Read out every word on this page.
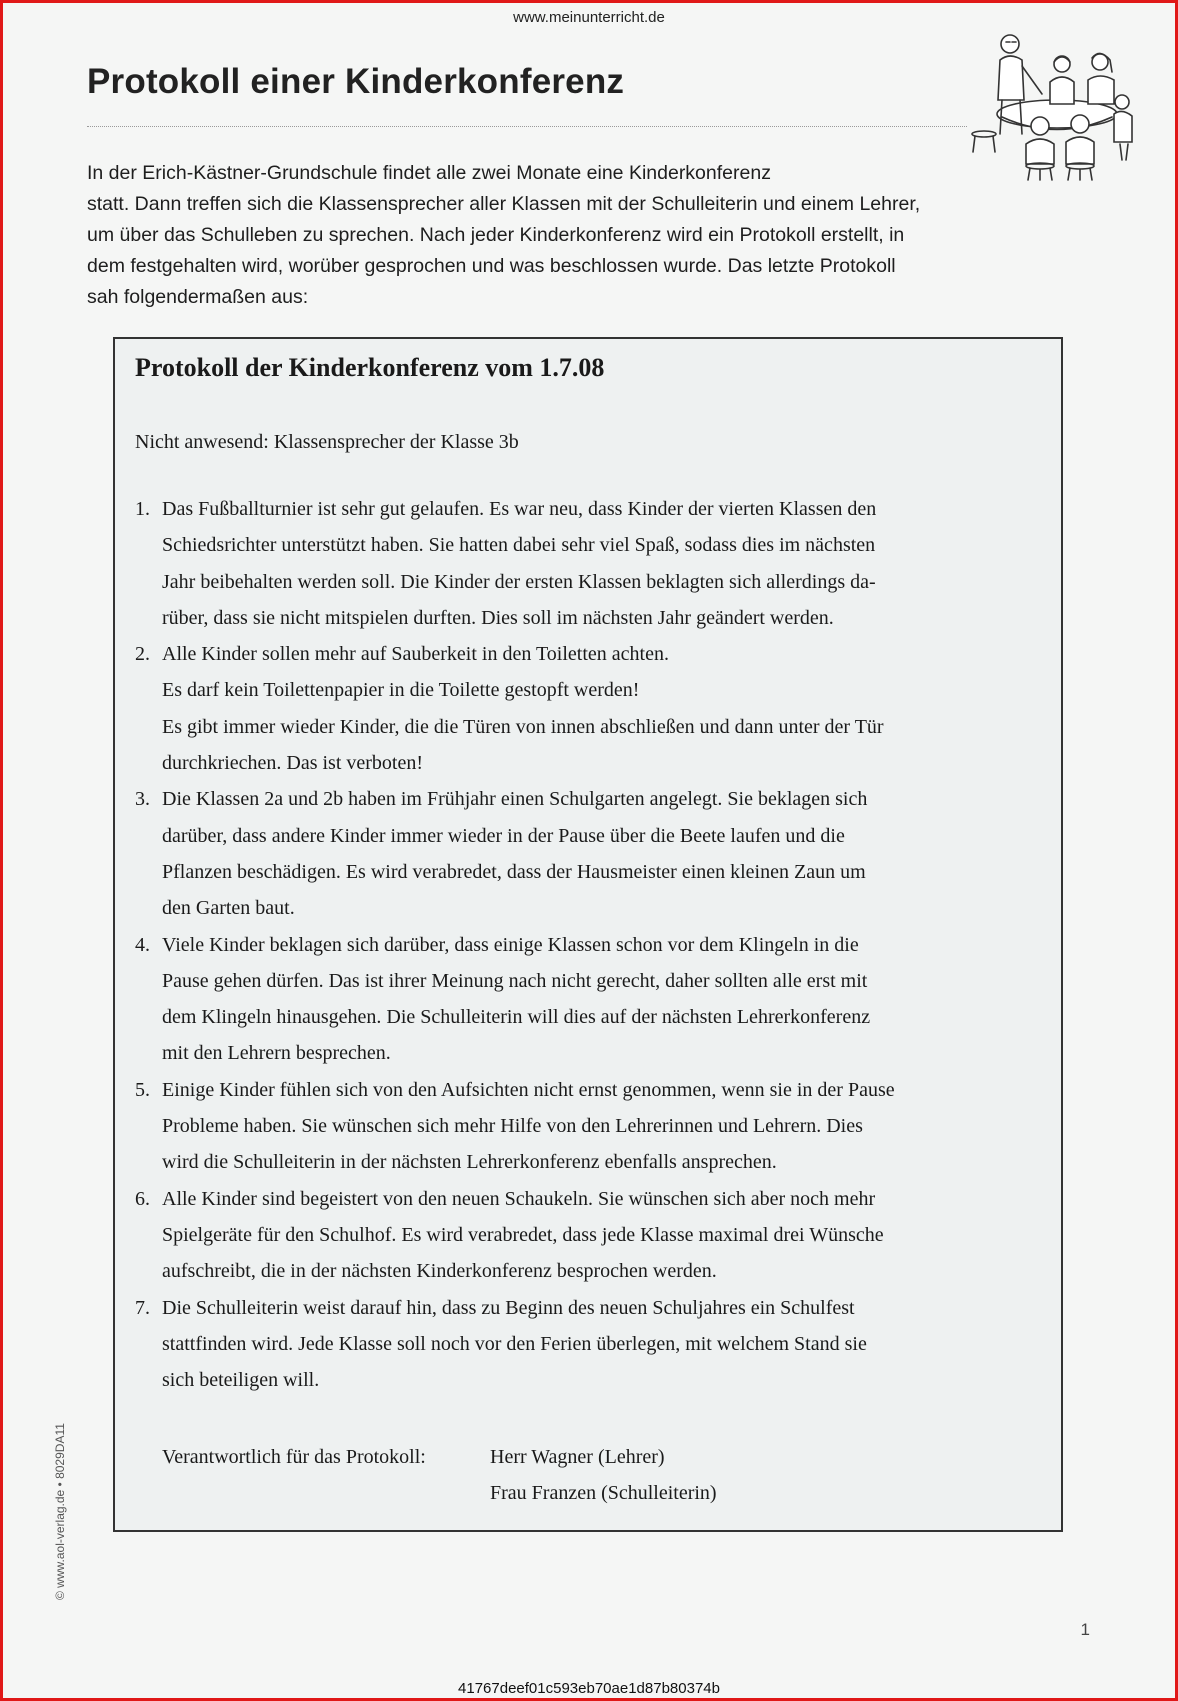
www.meinunterricht.de
Protokoll einer Kinderkonferenz

In der Erich-Kästner-Grundschule findet alle zwei Monate eine Kinderkonferenz

statt. Dann treffen sich die Klassensprecher aller Klassen mit der Schulleiterin und einem Lehrer,

um über das Schulleben zu sprechen. Nach jeder Kinderkonferenz wird ein Protokoll erstellt, in

dem festgehalten wird, worüber gesprochen und was beschlossen wurde. Das letzte Protokoll

sah folgendermaßen aus:

Protokoll der Kinderkonferenz vom 1.7.08
Nicht anwesend: Klassensprecher der Klasse 3b
1. Das Fußballturnier ist sehr gut gelaufen. Es war neu, dass Kinder der vierten Klassen den
Schiedsrichter unterstützt haben. Sie hatten dabei sehr viel Spaß, sodass dies im nächsten
Jahr beibehalten werden soll. Die Kinder der ersten Klassen beklagten sich allerdings da-
rüber, dass sie nicht mitspielen durften. Dies soll im nächsten Jahr geändert werden.
2. Alle Kinder sollen mehr auf Sauberkeit in den Toiletten achten.
Es darf kein Toilettenpapier in die Toilette gestopft werden!
Es gibt immer wieder Kinder, die die Türen von innen abschließen und dann unter der Tür
durchkriechen. Das ist verboten!
3. Die Klassen 2a und 2b haben im Frühjahr einen Schulgarten angelegt. Sie beklagen sich
darüber, dass andere Kinder immer wieder in der Pause über die Beete laufen und die
Pflanzen beschädigen. Es wird verabredet, dass der Hausmeister einen kleinen Zaun um
den Garten baut.
4. Viele Kinder beklagen sich darüber, dass einige Klassen schon vor dem Klingeln in die
Pause gehen dürfen. Das ist ihrer Meinung nach nicht gerecht, daher sollten alle erst mit
dem Klingeln hinausgehen. Die Schulleiterin will dies auf der nächsten Lehrerkonferenz
mit den Lehrern besprechen.
5. Einige Kinder fühlen sich von den Aufsichten nicht ernst genommen, wenn sie in der Pause
Probleme haben. Sie wünschen sich mehr Hilfe von den Lehrerinnen und Lehrern. Dies
wird die Schulleiterin in der nächsten Lehrerkonferenz ebenfalls ansprechen.
6. Alle Kinder sind begeistert von den neuen Schaukeln. Sie wünschen sich aber noch mehr
Spielgeräte für den Schulhof. Es wird verabredet, dass jede Klasse maximal drei Wünsche
aufschreibt, die in der nächsten Kinderkonferenz besprochen werden.
7. Die Schulleiterin weist darauf hin, dass zu Beginn des neuen Schuljahres ein Schulfest
stattfinden wird. Jede Klasse soll noch vor den Ferien überlegen, mit welchem Stand sie
sich beteiligen will.
Verantwortlich für das Protokoll:	Herr Wagner (Lehrer)
Frau Franzen (Schulleiterin)
© www.aol-verlag.de • 8029DA11
1
41767deef01c593eb70ae1d87b80374b
